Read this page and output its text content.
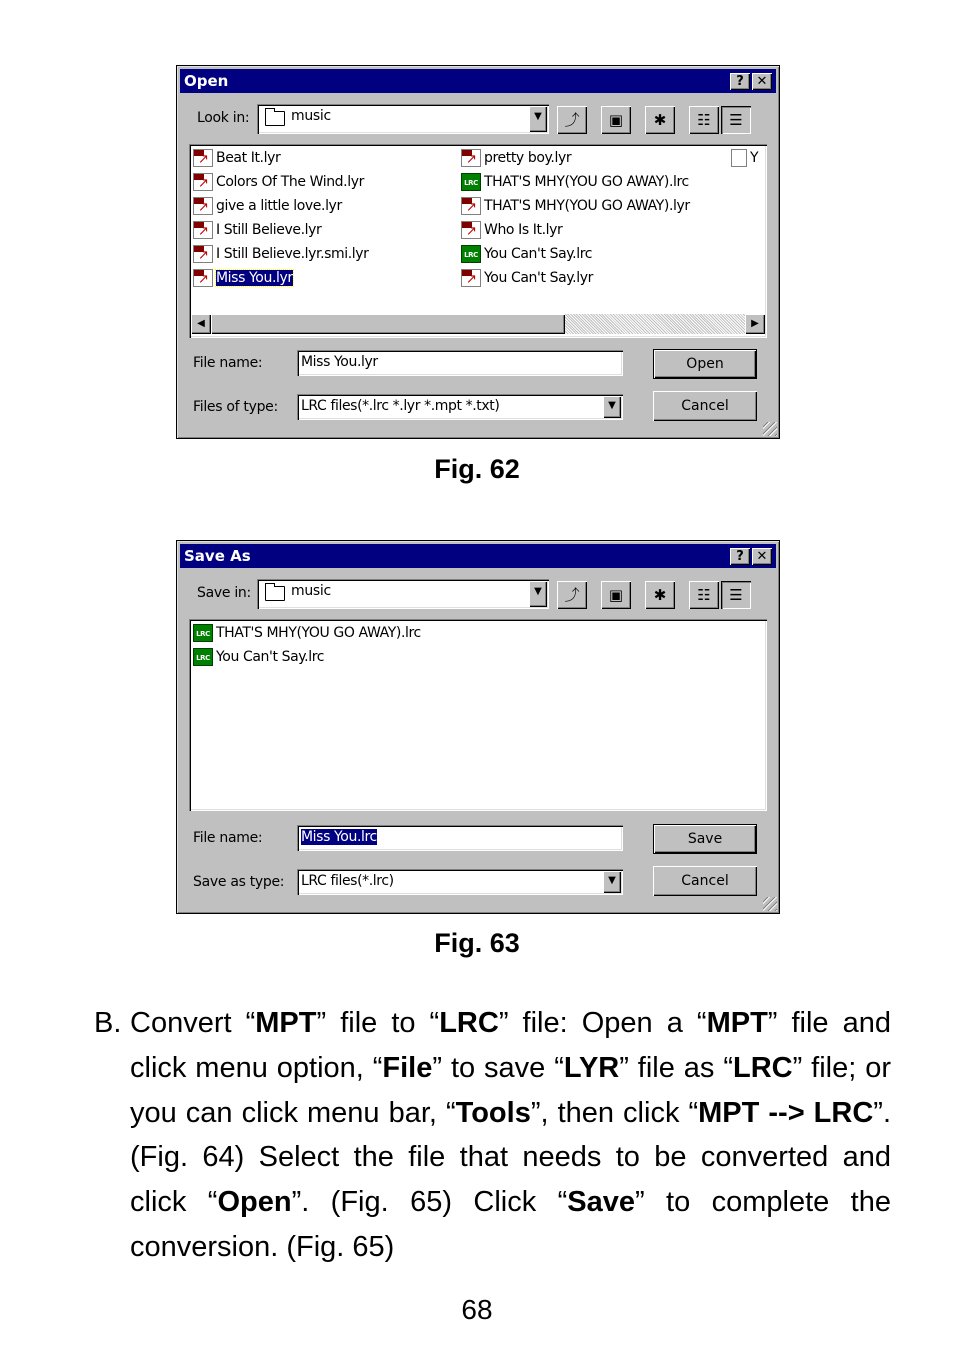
Open	? ✕
Look in:	music	▼	⤴	▣	✱	☷	☰
↗Beat It.lyr
↗Colors Of The Wind.lyr
↗give a little love.lyr
↗I Still Believe.lyr
↗I Still Believe.lyr.smi.lyr
↗Miss You.lyr
↗pretty boy.lyr
LRC THAT'S MHY(YOU GO AWAY).lrc
↗THAT'S MHY(YOU GO AWAY).lyr
↗Who Is It.lyr
LRC You Can't Say.lrc
↗You Can't Say.lyr
Y
◀	▶
File name:	Miss You.lyr
Files of type: LRC files(*.lrc *.lyr *.mpt *.txt)	▼
Open
Cancel
Fig. 62
Save As	? ✕
Save in:	music	▼	⤴	▣	✱	☷	☰
LRC THAT'S MHY(YOU GO AWAY).lrc
LRC You Can't Say.lrc
File name:	Miss You.lrc
Save as type: LRC files(*.lrc)	▼
Save
Cancel
Fig. 63
B. Convert “MPT” file to “LRC” file: Open a “MPT” file and click menu option, “File” to save “LYR” file as “LRC” file; or you can click menu bar, “Tools”, then click “MPT --> LRC”. (Fig. 64) Select the file that needs to be converted and click “Open”. (Fig. 65) Click “Save” to complete the conversion. (Fig. 65)
68
